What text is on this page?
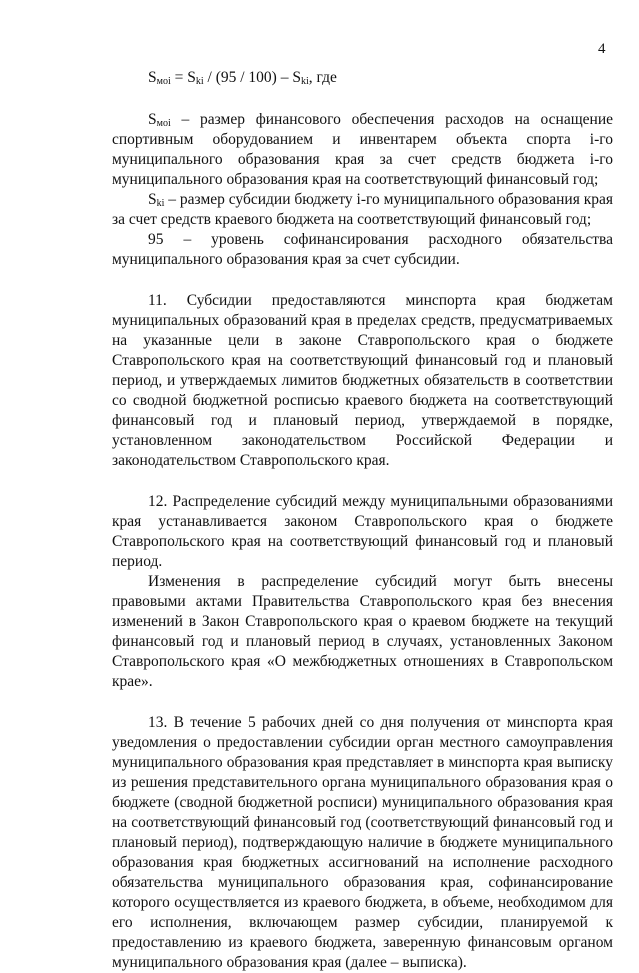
4

$S_{мoi} = S_{ki} / (95 / 100) - S_{ki}$, где

$S_{мoi}$ – размер финансового обеспечения расходов на оснащение спортивным оборудованием и инвентарем объекта спорта i-го муниципального образования края за счет средств бюджета i-го муниципального образования края на соответствующий финансовый год;

$S_{ki}$ – размер субсидии бюджету i-го муниципального образования края за счет средств краевого бюджета на соответствующий финансовый год;

95 – уровень софинансирования расходного обязательства муниципального образования края за счет субсидии.

11. Субсидии предоставляются минспорта края бюджетам муниципальных образований края в пределах средств, предусматриваемых на указанные цели в законе Ставропольского края о бюджете Ставропольского края на соответствующий финансовый год и плановый период, и утверждаемых лимитов бюджетных обязательств в соответствии со сводной бюджетной росписью краевого бюджета на соответствующий финансовый год и плановый период, утверждаемой в порядке, установленном законодательством Российской Федерации и законодательством Ставропольского края.

12. Распределение субсидий между муниципальными образованиями края устанавливается законом Ставропольского края о бюджете Ставропольского края на соответствующий финансовый год и плановый период.

Изменения в распределение субсидий могут быть внесены правовыми актами Правительства Ставропольского края без внесения изменений в Закон Ставропольского края о краевом бюджете на текущий финансовый год и плановый период в случаях, установленных Законом Ставропольского края «О межбюджетных отношениях в Ставропольском крае».

13. В течение 5 рабочих дней со дня получения от минспорта края уведомления о предоставлении субсидии орган местного самоуправления муниципального образования края представляет в минспорта края выписку из решения представительного органа муниципального образования края о бюджете (сводной бюджетной росписи) муниципального образования края на соответствующий финансовый год (соответствующий финансовый год и плановый период), подтверждающую наличие в бюджете муниципального образования края бюджетных ассигнований на исполнение расходного обязательства муниципального образования края, софинансирование которого осуществляется из краевого бюджета, в объеме, необходимом для его исполнения, включающем размер субсидии, планируемой к предоставлению из краевого бюджета, заверенную финансовым органом муниципального образования края (далее – выписка).
